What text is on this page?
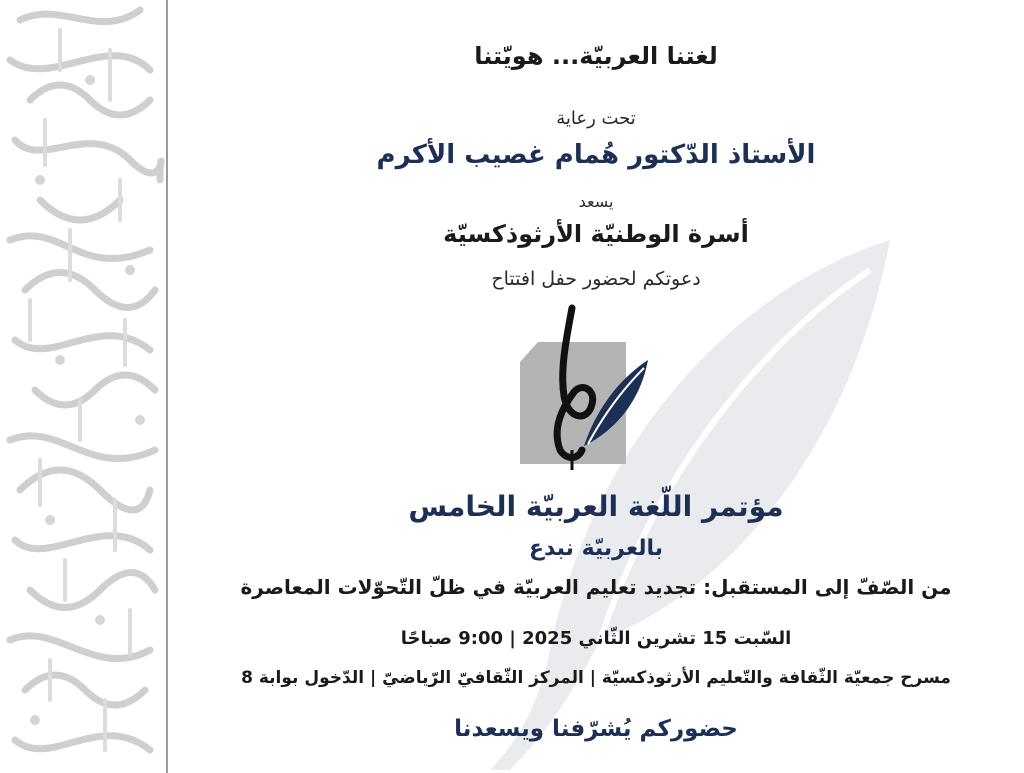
لغتنا العربيّة... هويّتنا
تحت رعاية
الأستاذ الدّكتور هُمام غصيب الأكرم
يسعد
أسرة الوطنيّة الأرثوذكسيّة
دعوتكم لحضور حفل افتتاح
مؤتمر اللّغة العربيّة الخامس
بالعربيّة نبدع
من الصّفّ إلى المستقبل: تجديد تعليم العربيّة في ظلّ التّحوّلات المعاصرة
السّبت 15 تشرين الثّاني 2025 | 9:00 صباحًا
مسرح جمعيّة الثّقافة والتّعليم الأرثوذكسيّة | المركز الثّقافيّ الرّياضيّ | الدّخول بوابة 8
حضوركم يُشرّفنا ويسعدنا
